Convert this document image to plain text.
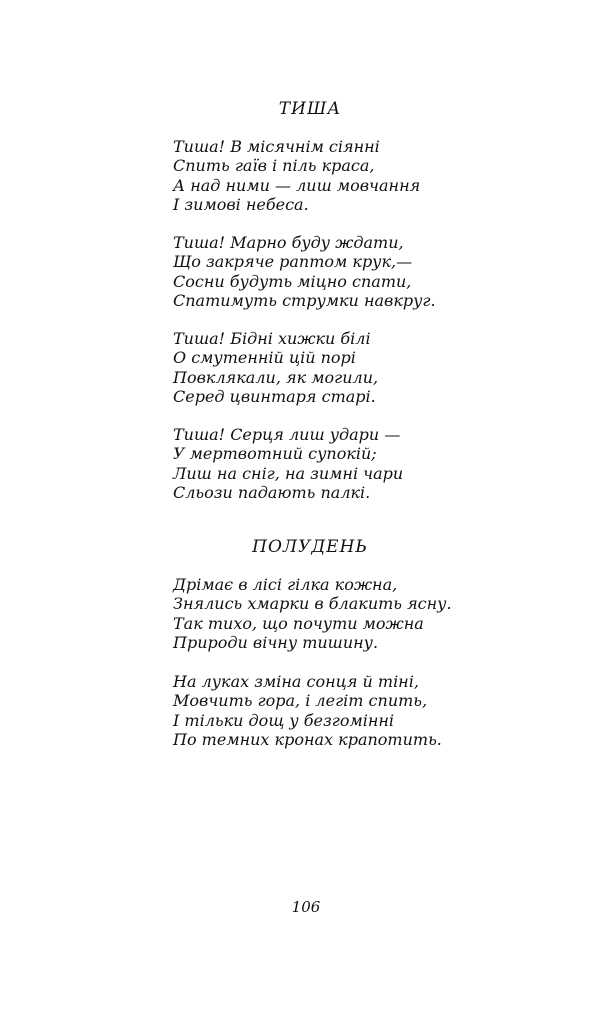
ТИША
Тиша! В місячнім сіянні
Спить гаїв і піль краса,
А над ними — лиш мовчання
І зимові небеса.
Тиша! Марно буду ждати,
Що закряче раптом крук,—
Сосни будуть міцно спати,
Спатимуть струмки навкруг.
Тиша! Бідні хижки білі
О смутенній цій порі
Повклякали, як могили,
Серед цвинтаря старі.
Тиша! Серця лиш удари —
У мертвотний супокій;
Лиш на сніг, на зимні чари
Сльози падають палкі.
ПОЛУДЕНЬ
Дрімає в лісі гілка кожна,
Знялись хмарки в блакить ясну.
Так тихо, що почути можна
Природи вічну тишину.
На луках зміна сонця й тіні,
Мовчить гора, і легіт спить,
І тільки дощ у безгомінні
По темних кронах крапотить.
106
